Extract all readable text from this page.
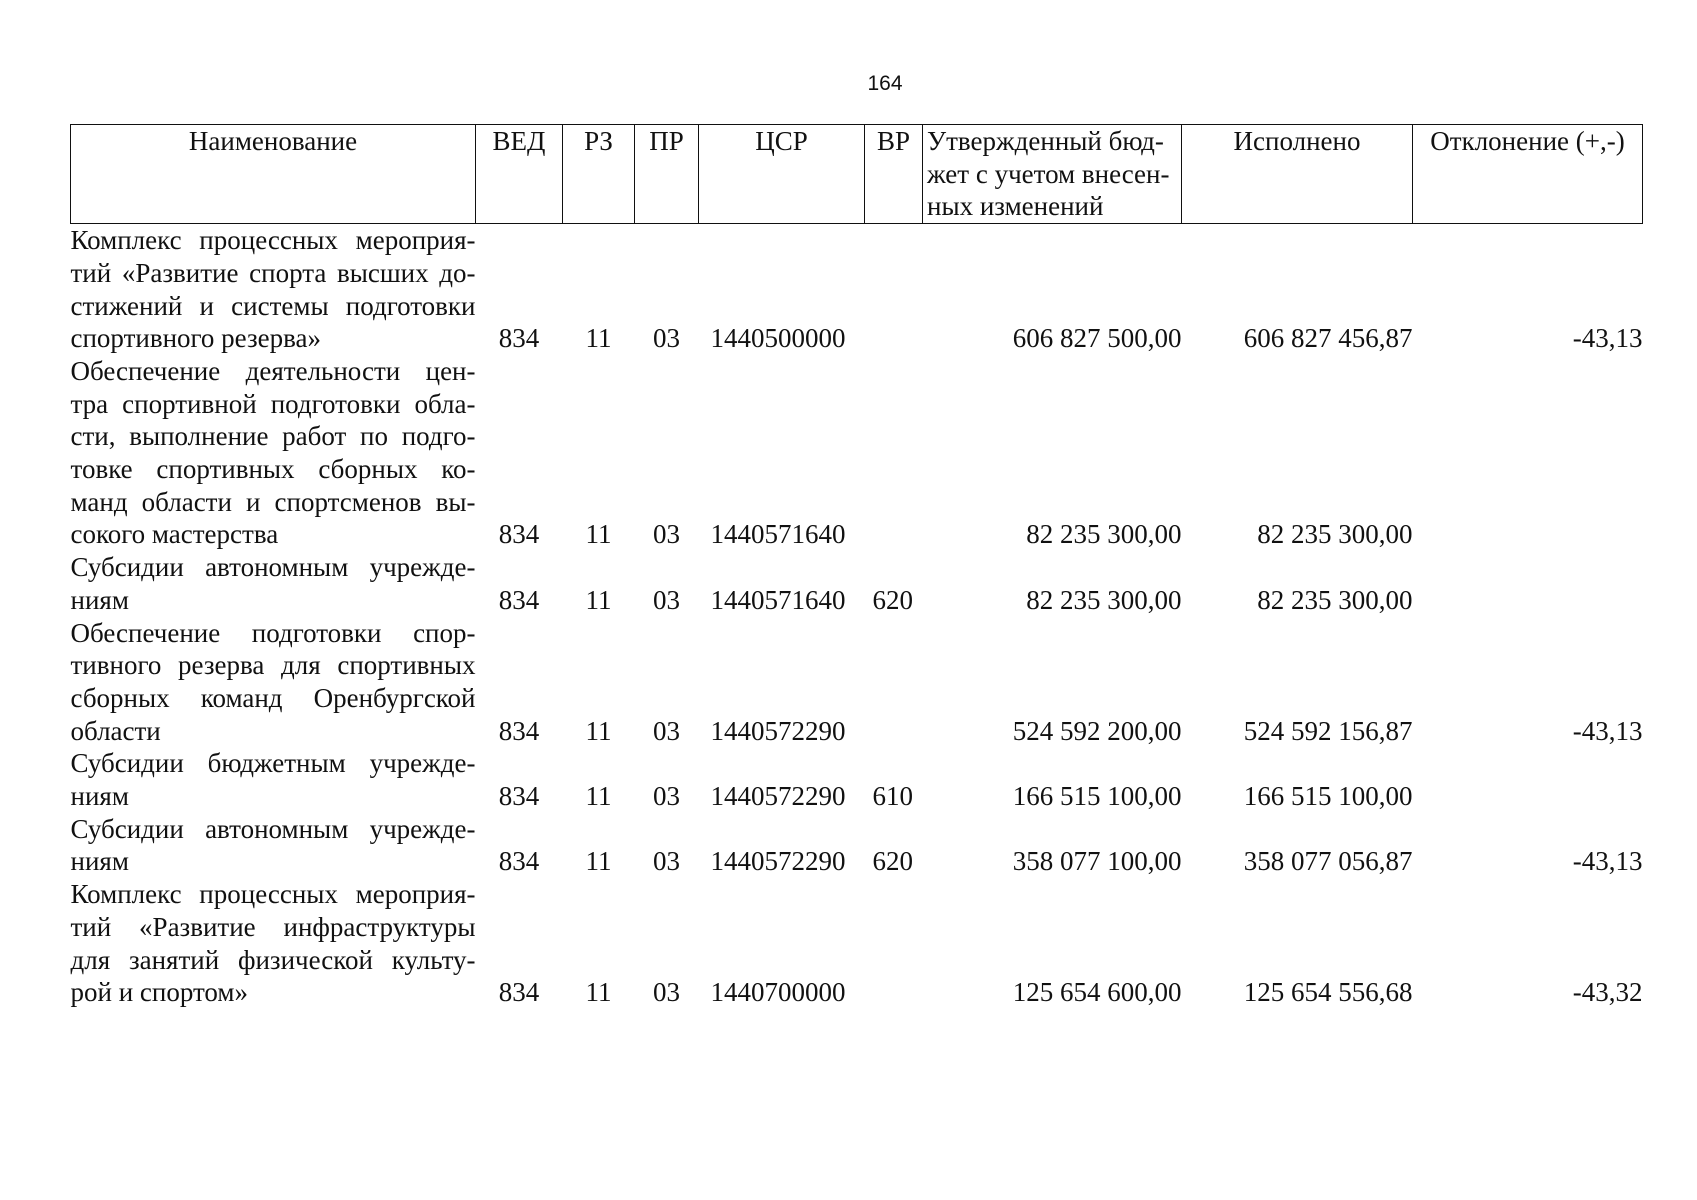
164
Наименование	ВЕД	РЗ	ПР	ЦСР	ВР	Утвержденный бюд-жет с учетом внесен-ных изменений	Исполнено	Отклонение (+,-)
Комплекс процессных мероприя-тий «Развитие спорта высших до-стижений и системы подготовки спортивного резерва»	834	11	03	1440500000		606 827 500,00	606 827 456,87	-43,13
Обеспечение деятельности цен-тра спортивной подготовки обла-сти, выполнение работ по подго-товке спортивных сборных ко-манд области и спортсменов вы-сокого мастерства	834	11	03	1440571640		82 235 300,00	82 235 300,00	
Субсидии автономным учрежде-ниям	834	11	03	1440571640	620	82 235 300,00	82 235 300,00	
Обеспечение подготовки спор-тивного резерва для спортивных сборных команд Оренбургской области	834	11	03	1440572290		524 592 200,00	524 592 156,87	-43,13
Субсидии бюджетным учрежде-ниям	834	11	03	1440572290	610	166 515 100,00	166 515 100,00	
Субсидии автономным учрежде-ниям	834	11	03	1440572290	620	358 077 100,00	358 077 056,87	-43,13
Комплекс процессных мероприя-тий «Развитие инфраструктуры для занятий физической культу-рой и спортом»	834	11	03	1440700000		125 654 600,00	125 654 556,68	-43,32
